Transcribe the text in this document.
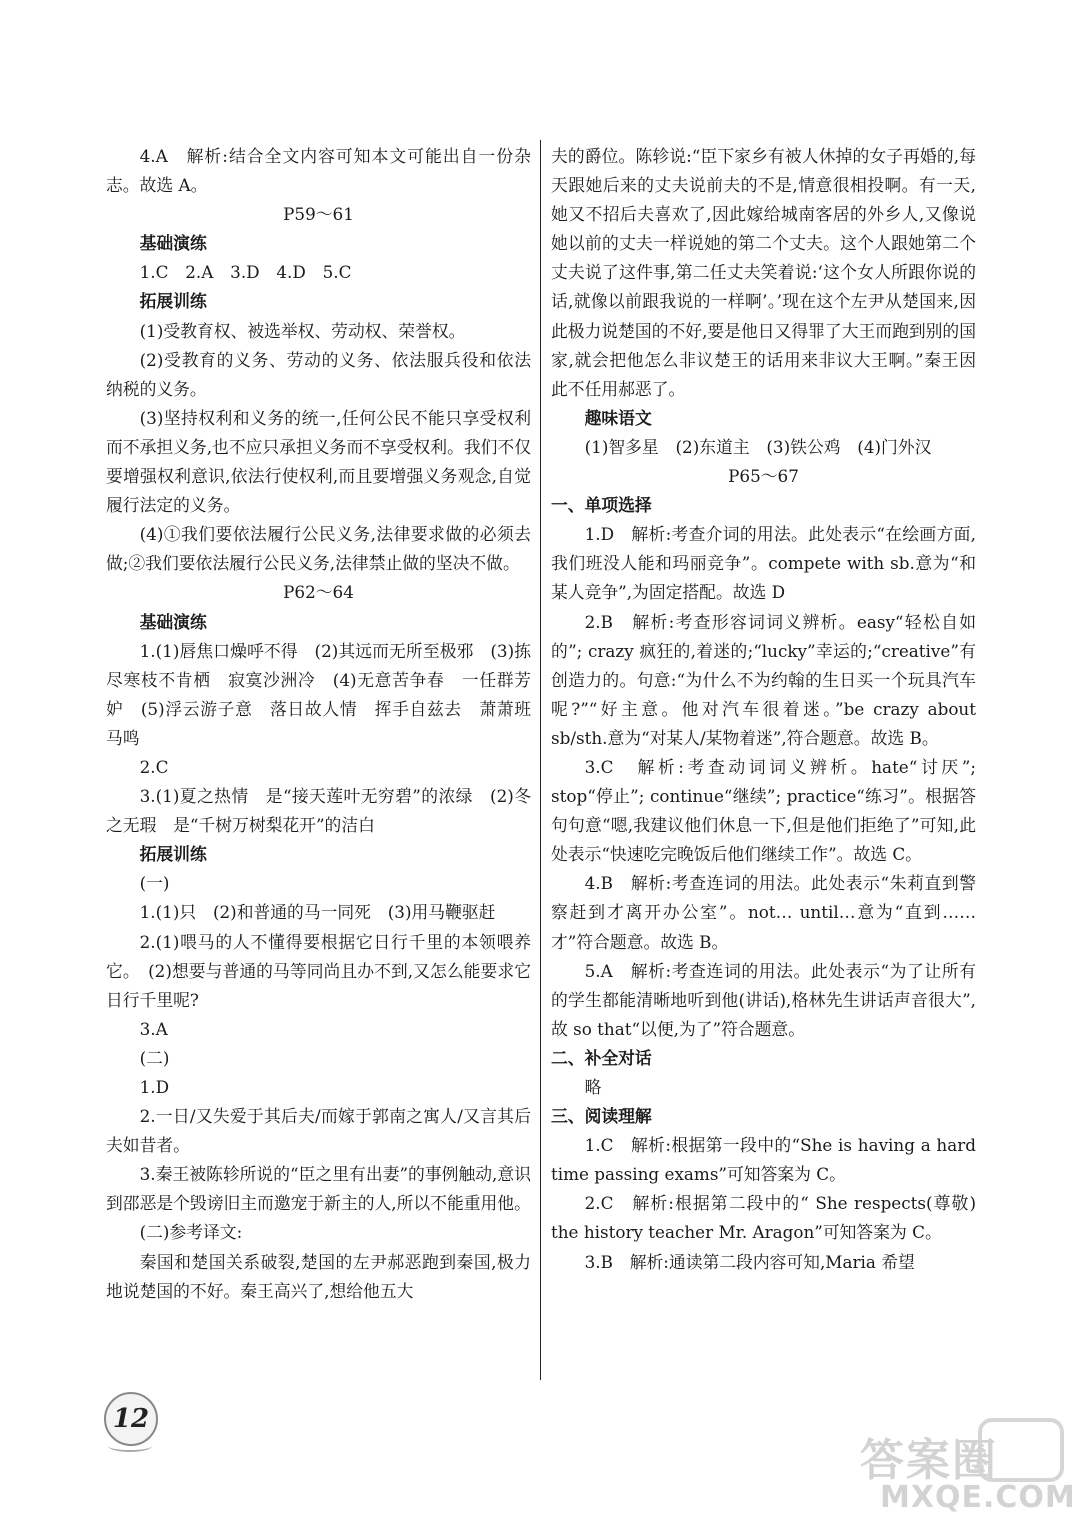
4.A　解析:结合全文内容可知本文可能出自一份杂志。故选 A。

P59～61

基础演练

1.C　2.A　3.D　4.D　5.C

拓展训练

(1)受教育权、被选举权、劳动权、荣誉权。

(2)受教育的义务、劳动的义务、依法服兵役和依法纳税的义务。

(3)坚持权利和义务的统一,任何公民不能只享受权利而不承担义务,也不应只承担义务而不享受权利。我们不仅要增强权利意识,依法行使权利,而且要增强义务观念,自觉履行法定的义务。

(4)①我们要依法履行公民义务,法律要求做的必须去做;②我们要依法履行公民义务,法律禁止做的坚决不做。

P62～64

基础演练

1.(1)唇焦口燥呼不得　(2)其远而无所至极邪　(3)拣尽寒枝不肯栖　寂寞沙洲冷　(4)无意苦争春　一任群芳妒　(5)浮云游子意　落日故人情　挥手自兹去　萧萧班马鸣

2.C

3.(1)夏之热情　是“接天莲叶无穷碧”的浓绿　(2)冬之无瑕　是“千树万树梨花开”的洁白

拓展训练

(一)

1.(1)只　(2)和普通的马一同死　(3)用马鞭驱赶

2.(1)喂马的人不懂得要根据它日行千里的本领喂养它。　(2)想要与普通的马等同尚且办不到,又怎么能要求它日行千里呢?

3.A

(二)

1.D

2.一日/又失爱于其后夫/而嫁于郭南之寓人/又言其后夫如昔者。

3.秦王被陈轸所说的“臣之里有出妻”的事例触动,意识到邵恶是个毁谤旧主而邀宠于新主的人,所以不能重用他。

(二)参考译文:

秦国和楚国关系破裂,楚国的左尹郝恶跑到秦国,极力地说楚国的不好。秦王高兴了,想给他五大

夫的爵位。陈轸说:“臣下家乡有被人休掉的女子再婚的,每天跟她后来的丈夫说前夫的不是,情意很相投啊。有一天,她又不招后夫喜欢了,因此嫁给城南客居的外乡人,又像说她以前的丈夫一样说她的第二个丈夫。这个人跟她第二个丈夫说了这件事,第二任丈夫笑着说:‘这个女人所跟你说的话,就像以前跟我说的一样啊’。’现在这个左尹从楚国来,因此极力说楚国的不好,要是他日又得罪了大王而跑到别的国家,就会把他怎么非议楚王的话用来非议大王啊。”秦王因此不任用郝恶了。

趣味语文

(1)智多星　(2)东道主　(3)铁公鸡　(4)门外汉

P65～67

一、单项选择

1.D　解析:考查介词的用法。此处表示“在绘画方面,我们班没人能和玛丽竞争”。compete with sb.意为“和某人竞争”,为固定搭配。故选 D

2.B　解析:考查形容词词义辨析。easy“轻松自如的”; crazy 疯狂的,着迷的;“lucky”幸运的;“creative”有创造力的。句意:“为什么不为约翰的生日买一个玩具汽车呢?”“好主意。他对汽车很着迷。”be crazy about sb/sth.意为“对某人/某物着迷”,符合题意。故选 B。

3.C　解析:考查动词词义辨析。hate“讨厌”; stop“停止”; continue“继续”; practice“练习”。根据答句句意“嗯,我建议他们休息一下,但是他们拒绝了”可知,此处表示“快速吃完晚饭后他们继续工作”。故选 C。

4.B　解析:考查连词的用法。此处表示“朱莉直到警察赶到才离开办公室”。not… until…意为“直到……才”符合题意。故选 B。

5.A　解析:考查连词的用法。此处表示“为了让所有的学生都能清晰地听到他(讲话),格林先生讲话声音很大”,故 so that“以便,为了”符合题意。

二、补全对话

略

三、阅读理解

1.C　解析:根据第一段中的“She is having a hard time passing exams”可知答案为 C。

2.C　解析:根据第二段中的“ She respects(尊敬) the history teacher Mr. Aragon”可知答案为 C。

3.B　解析:通读第二段内容可知,Maria 希望

12
答案圈
MXQE.COM
